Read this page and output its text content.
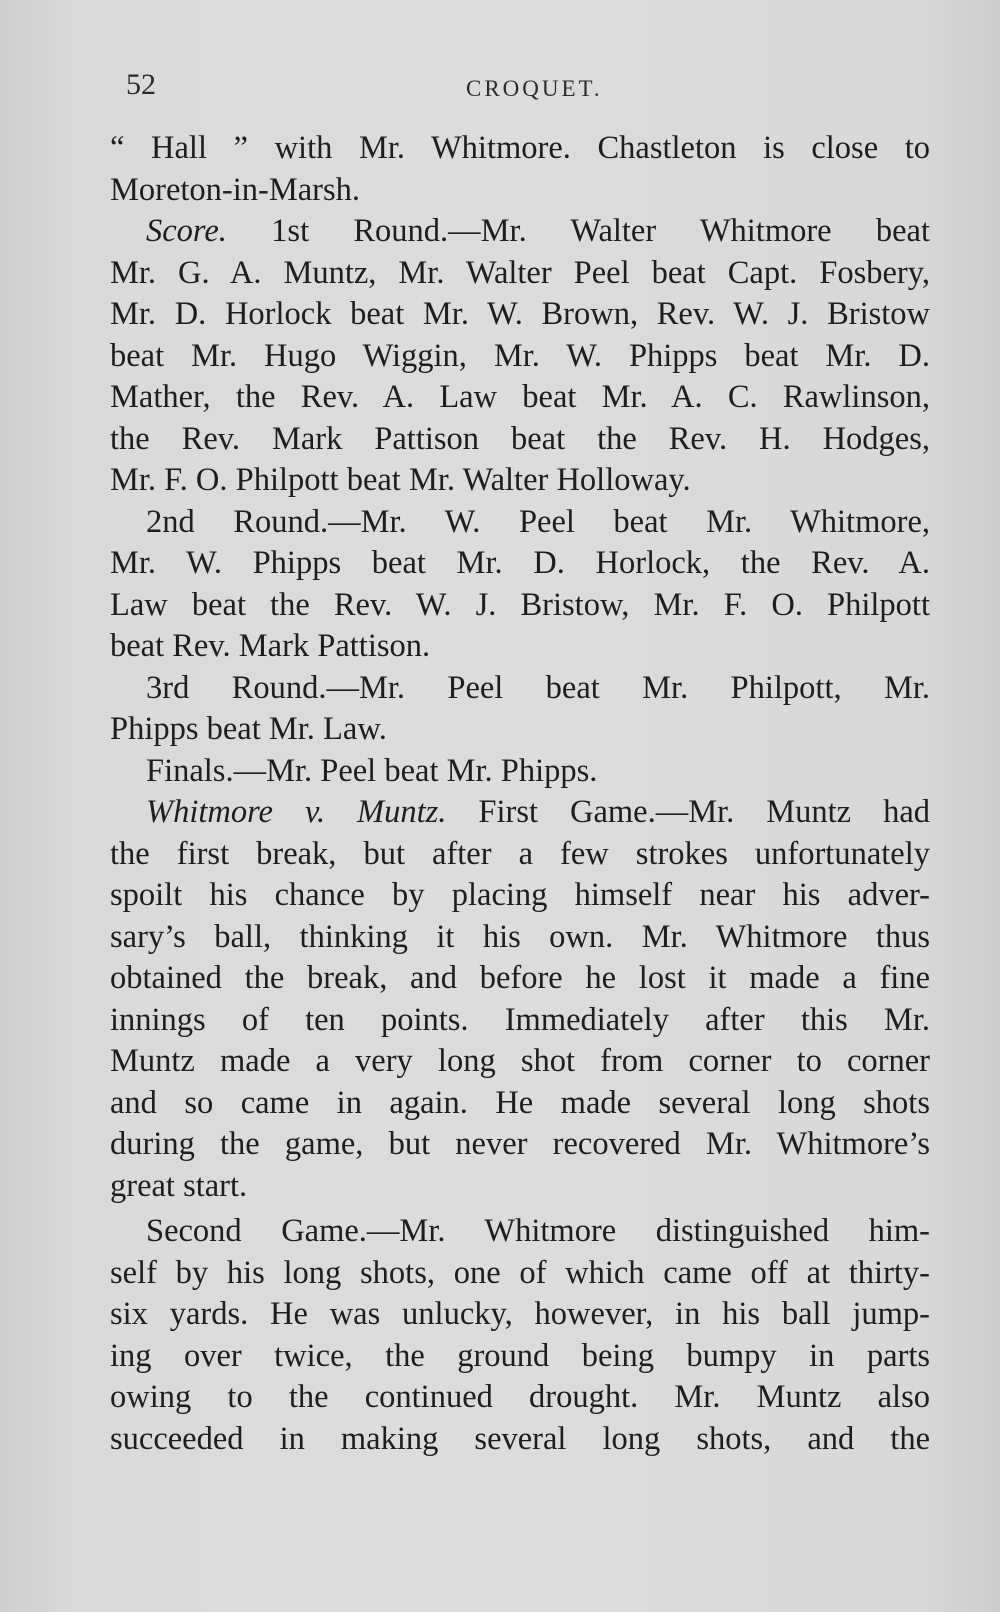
52	CROQUET.
“ Hall ” with Mr. Whitmore. Chastleton is close to
Moreton-in-Marsh.
Score. 1st Round.—Mr. Walter Whitmore beat
Mr. G. A. Muntz, Mr. Walter Peel beat Capt. Fosbery,
Mr. D. Horlock beat Mr. W. Brown, Rev. W. J. Bristow
beat Mr. Hugo Wiggin, Mr. W. Phipps beat Mr. D.
Mather, the Rev. A. Law beat Mr. A. C. Rawlinson,
the Rev. Mark Pattison beat the Rev. H. Hodges,
Mr. F. O. Philpott beat Mr. Walter Holloway.
2nd Round.—Mr. W. Peel beat Mr. Whitmore,
Mr. W. Phipps beat Mr. D. Horlock, the Rev. A.
Law beat the Rev. W. J. Bristow, Mr. F. O. Philpott
beat Rev. Mark Pattison.
3rd Round.—Mr. Peel beat Mr. Philpott, Mr.
Phipps beat Mr. Law.
Finals.—Mr. Peel beat Mr. Phipps.
Whitmore v. Muntz. First Game.—Mr. Muntz had
the first break, but after a few strokes unfortunately
spoilt his chance by placing himself near his adver-
sary’s ball, thinking it his own. Mr. Whitmore thus
obtained the break, and before he lost it made a fine
innings of ten points. Immediately after this Mr.
Muntz made a very long shot from corner to corner
and so came in again. He made several long shots
during the game, but never recovered Mr. Whitmore’s
great start.
Second Game.—Mr. Whitmore distinguished him-
self by his long shots, one of which came off at thirty-
six yards. He was unlucky, however, in his ball jump-
ing over twice, the ground being bumpy in parts
owing to the continued drought. Mr. Muntz also
succeeded in making several long shots, and the
